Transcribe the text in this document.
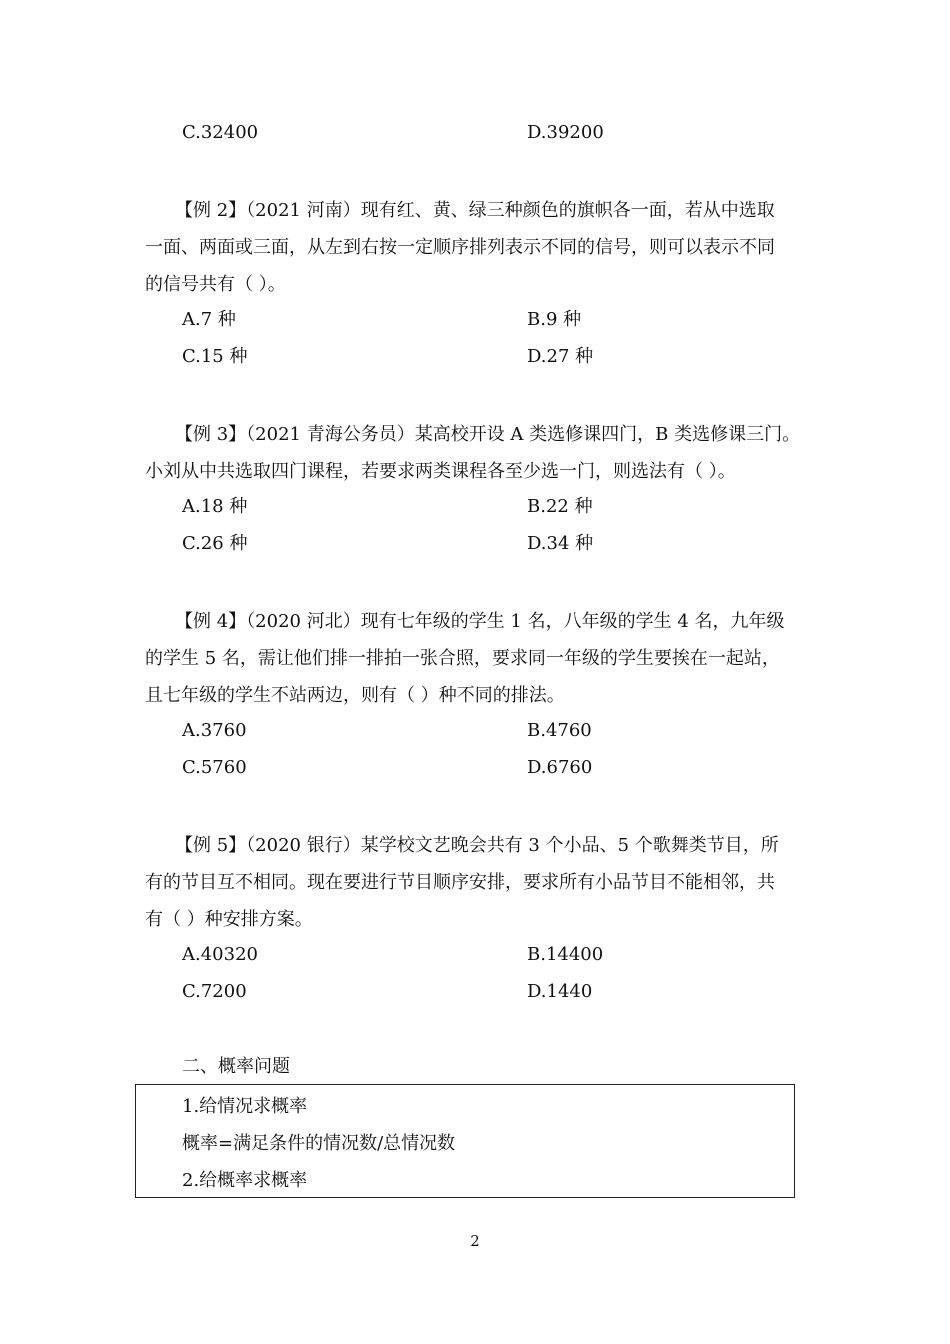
C.32400	D.39200

【例 2】（2021 河南）现有红、黄、绿三种颜色的旗帜各一面，若从中选取

一面、两面或三面，从左到右按一定顺序排列表示不同的信号，则可以表示不同

的信号共有（ ）。

A.7 种	B.9 种
C.15 种	D.27 种

【例 3】（2021 青海公务员）某高校开设 A 类选修课四门，B 类选修课三门。

小刘从中共选取四门课程，若要求两类课程各至少选一门，则选法有（ ）。

A.18 种	B.22 种
C.26 种	D.34 种

【例 4】（2020 河北）现有七年级的学生 1 名，八年级的学生 4 名，九年级

的学生 5 名，需让他们排一排拍一张合照，要求同一年级的学生要挨在一起站，

且七年级的学生不站两边，则有（ ）种不同的排法。

A.3760	B.4760
C.5760	D.6760

【例 5】（2020 银行）某学校文艺晚会共有 3 个小品、5 个歌舞类节目，所

有的节目互不相同。现在要进行节目顺序安排，要求所有小品节目不能相邻，共

有（ ）种安排方案。

A.40320	B.14400
C.7200	D.1440
二、概率问题
1.给情况求概率
概率=满足条件的情况数/总情况数
2.给概率求概率
2
